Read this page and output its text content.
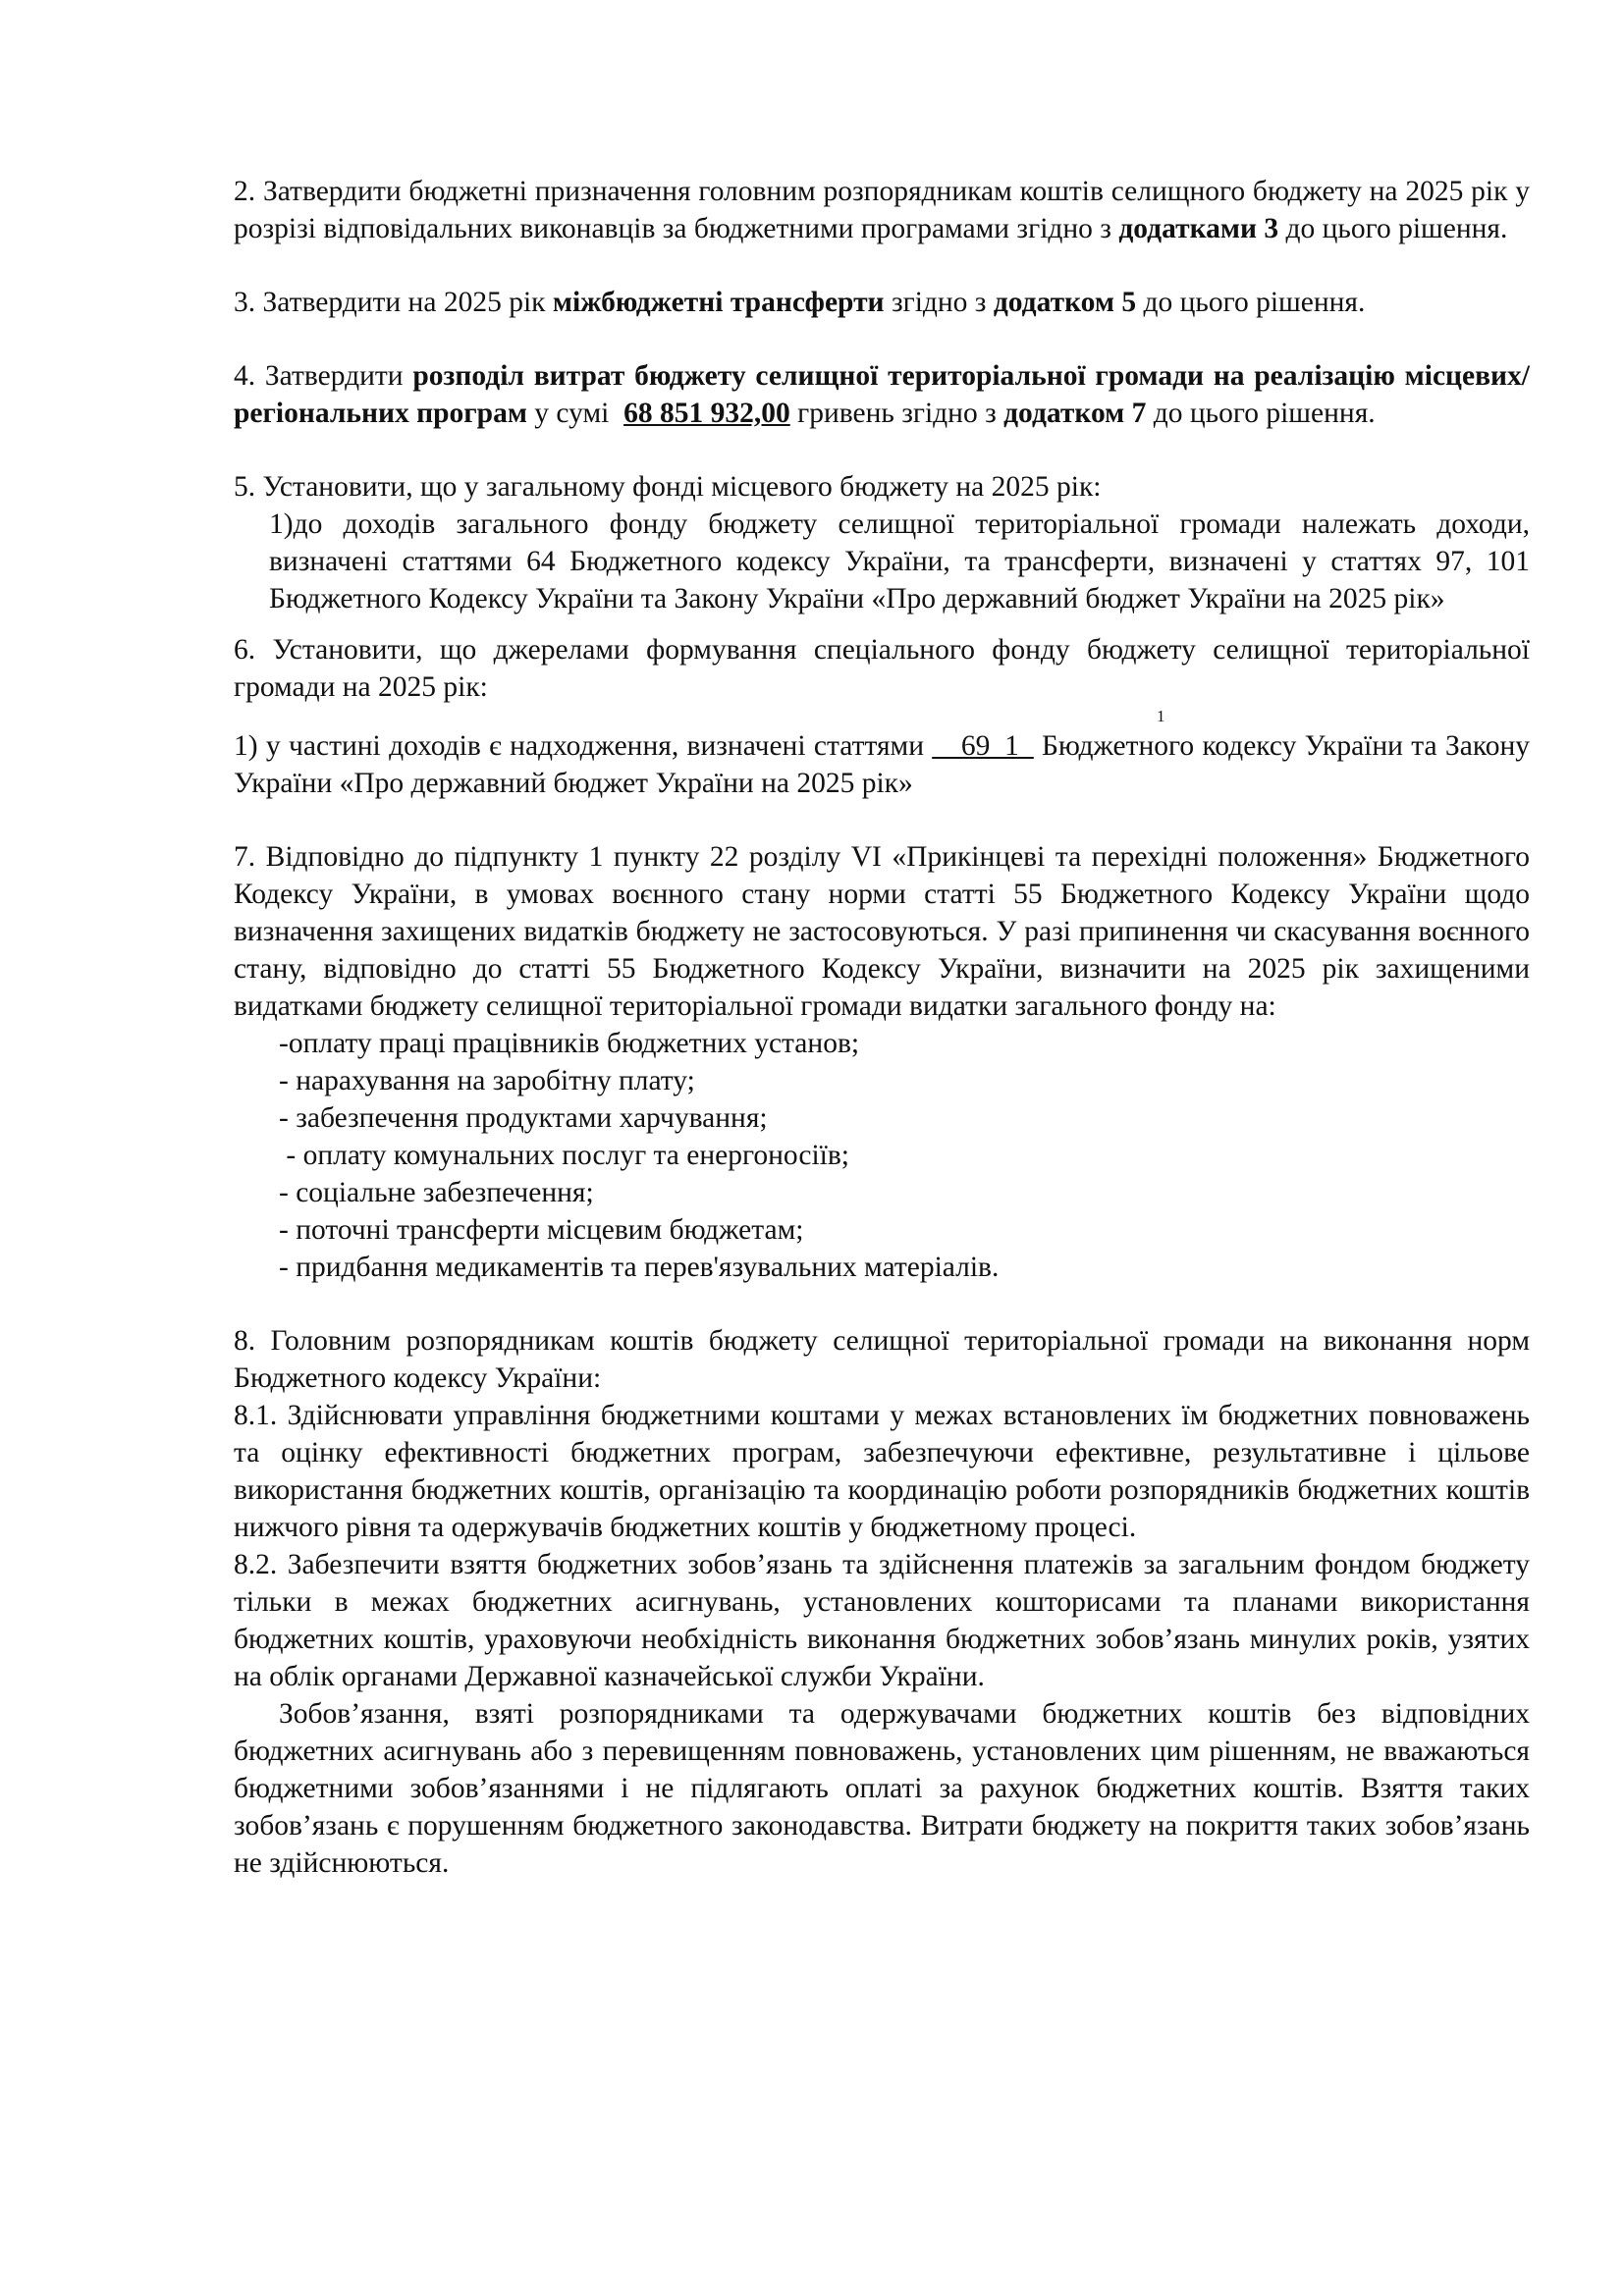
2. Затвердити бюджетні призначення головним розпорядникам коштів селищного бюджету на 2025 рік у розрізі відповідальних виконавців за бюджетними програмами згідно з додатками 3 до цього рішення.

3. Затвердити на 2025 рік міжбюджетні трансферти згідно з додатком 5 до цього рішення.

4. Затвердити розподіл витрат бюджету селищної територіальної громади на реалізацію місцевих/регіональних програм у сумі  68 851 932,00 гривень згідно з додатком 7 до цього рішення.

5. Установити, що у загальному фонді місцевого бюджету на 2025 рік:

1)до доходів загального фонду бюджету селищної територіальної громади належать доходи, визначені статтями 64 Бюджетного кодексу України, та трансферти, визначені у статтях 97, 101 Бюджетного Кодексу України та Закону України «Про державний бюджет України на 2025 рік»

6. Установити, що джерелами формування спеціального фонду бюджету селищної територіальної громади на 2025 рік:

1

1) у частині доходів є надходження, визначені статтями __69_1_ Бюджетного кодексу України та Закону України «Про державний бюджет України на 2025 рік»

7. Відповідно до підпункту 1 пункту 22 розділу VI «Прикінцеві та перехідні положення» Бюджетного Кодексу України, в умовах воєнного стану норми статті 55 Бюджетного Кодексу України щодо визначення захищених видатків бюджету не застосовуються. У разі припинення чи скасування воєнного стану, відповідно до статті 55 Бюджетного Кодексу України, визначити на 2025 рік захищеними видатками бюджету селищної територіальної громади видатки загального фонду на:

-оплату праці працівників бюджетних установ;

- нарахування на заробітну плату;

- забезпечення продуктами харчування;

- оплату комунальних послуг та енергоносіїв;

- соціальне забезпечення;

- поточні трансферти місцевим бюджетам;

- придбання медикаментів та перев'язувальних матеріалів.

8. Головним розпорядникам коштів бюджету селищної територіальної громади на виконання норм Бюджетного кодексу України:

8.1. Здійснювати управління бюджетними коштами у межах встановлених їм бюджетних повноважень та оцінку ефективності бюджетних програм, забезпечуючи ефективне, результативне і цільове використання бюджетних коштів, організацію та координацію роботи розпорядників бюджетних коштів нижчого рівня та одержувачів бюджетних коштів у бюджетному процесі.

8.2. Забезпечити взяття бюджетних зобов’язань та здійснення платежів за загальним фондом бюджету тільки в межах бюджетних асигнувань, установлених кошторисами та планами використання бюджетних коштів, ураховуючи необхідність виконання бюджетних зобов’язань минулих років, узятих на облік органами Державної казначейської служби України.

Зобов’язання, взяті розпорядниками та одержувачами бюджетних коштів без відповідних бюджетних асигнувань або з перевищенням повноважень, установлених цим рішенням, не вважаються бюджетними зобов’язаннями і не підлягають оплаті за рахунок бюджетних коштів. Взяття таких зобов’язань є порушенням бюджетного законодавства. Витрати бюджету на покриття таких зобов’язань не здійснюються.
